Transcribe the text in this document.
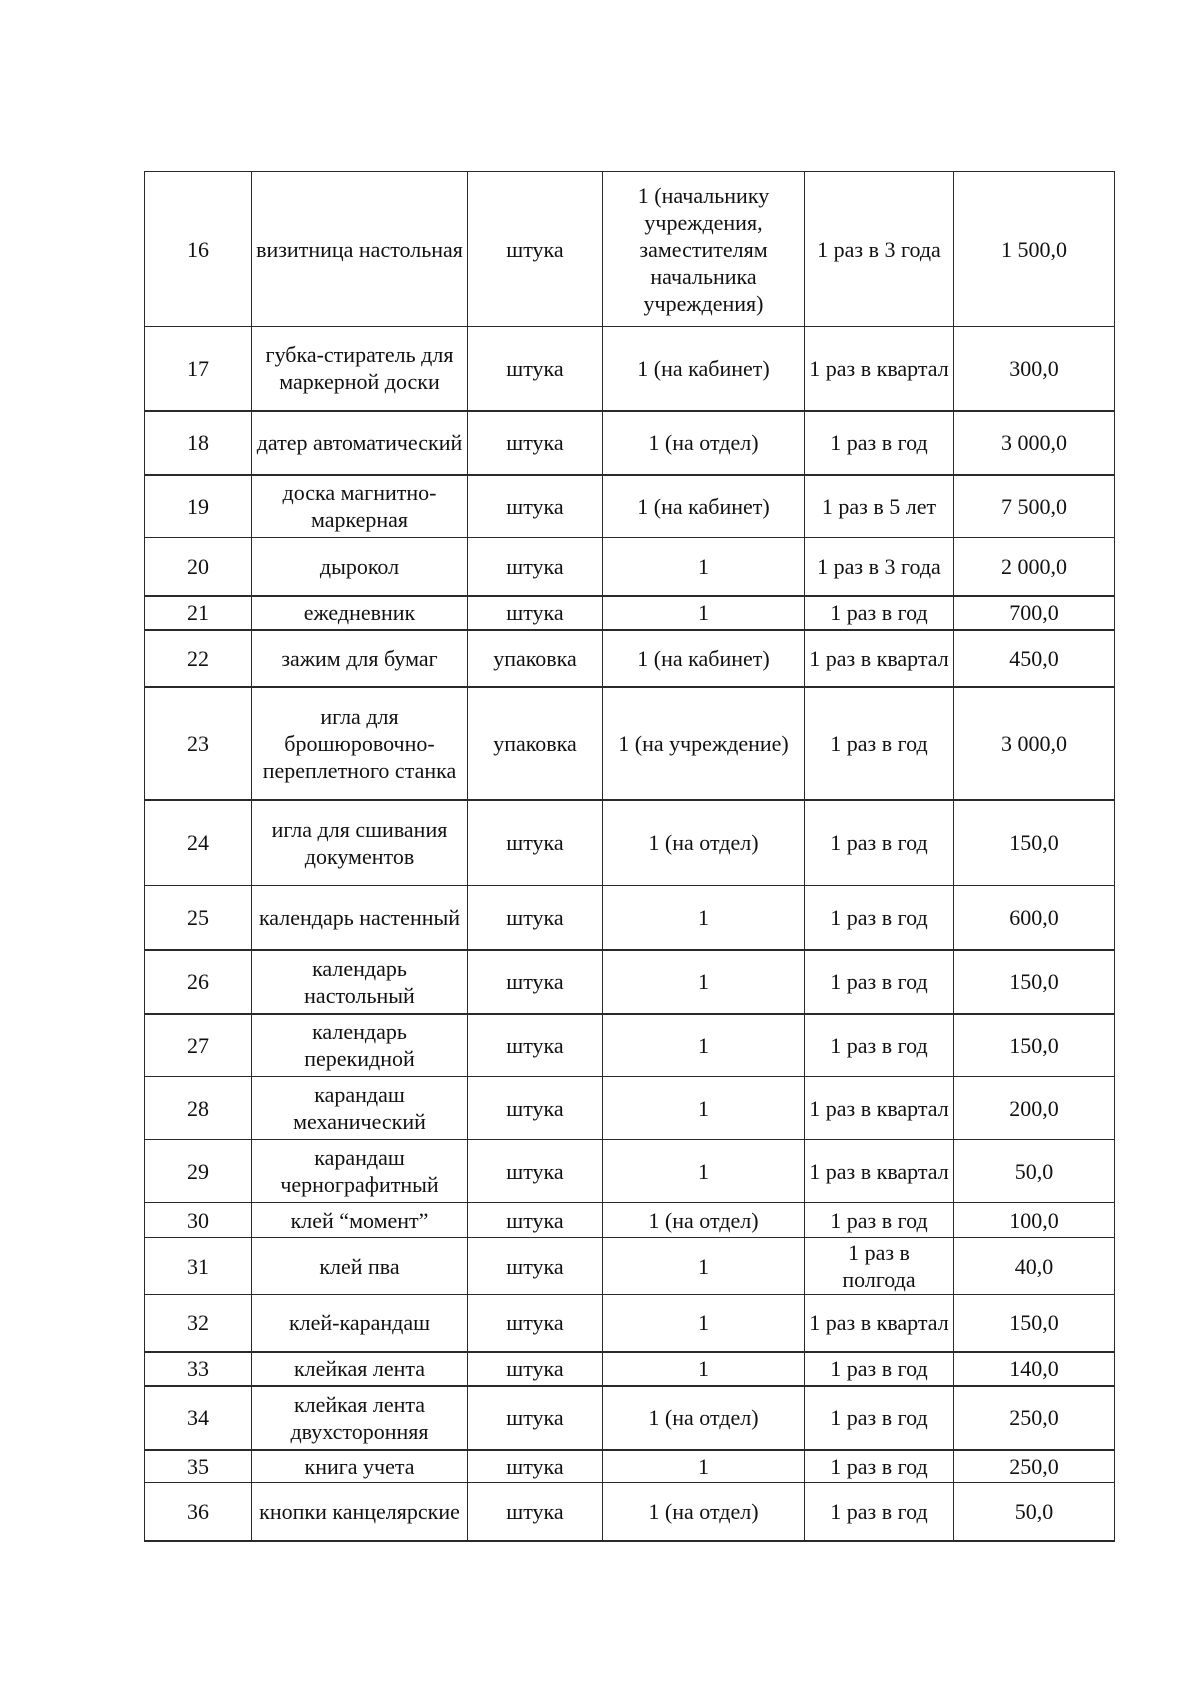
16	визитница настольная	штука	1 (начальнику учреждения, заместителям начальника учреждения)	1 раз в 3 года	1 500,0
17	губка-стиратель для маркерной доски	штука	1 (на кабинет)	1 раз в квартал	300,0
18	датер автоматический	штука	1 (на отдел)	1 раз в год	3 000,0
19	доска магнитно-маркерная	штука	1 (на кабинет)	1 раз в 5 лет	7 500,0
20	дырокол	штука	1	1 раз в 3 года	2 000,0
21	ежедневник	штука	1	1 раз в год	700,0
22	зажим для бумаг	упаковка	1 (на кабинет)	1 раз в квартал	450,0
23	игла для брошюровочно-переплетного станка	упаковка	1 (на учреждение)	1 раз в год	3 000,0
24	игла для сшивания документов	штука	1 (на отдел)	1 раз в год	150,0
25	календарь настенный	штука	1	1 раз в год	600,0
26	календарь настольный	штука	1	1 раз в год	150,0
27	календарь перекидной	штука	1	1 раз в год	150,0
28	карандаш механический	штука	1	1 раз в квартал	200,0
29	карандаш чернографитный	штука	1	1 раз в квартал	50,0
30	клей “момент”	штука	1 (на отдел)	1 раз в год	100,0
31	клей пва	штука	1	1 раз в полгода	40,0
32	клей-карандаш	штука	1	1 раз в квартал	150,0
33	клейкая лента	штука	1	1 раз в год	140,0
34	клейкая лента двухсторонняя	штука	1 (на отдел)	1 раз в год	250,0
35	книга учета	штука	1	1 раз в год	250,0
36	кнопки канцелярские	штука	1 (на отдел)	1 раз в год	50,0
